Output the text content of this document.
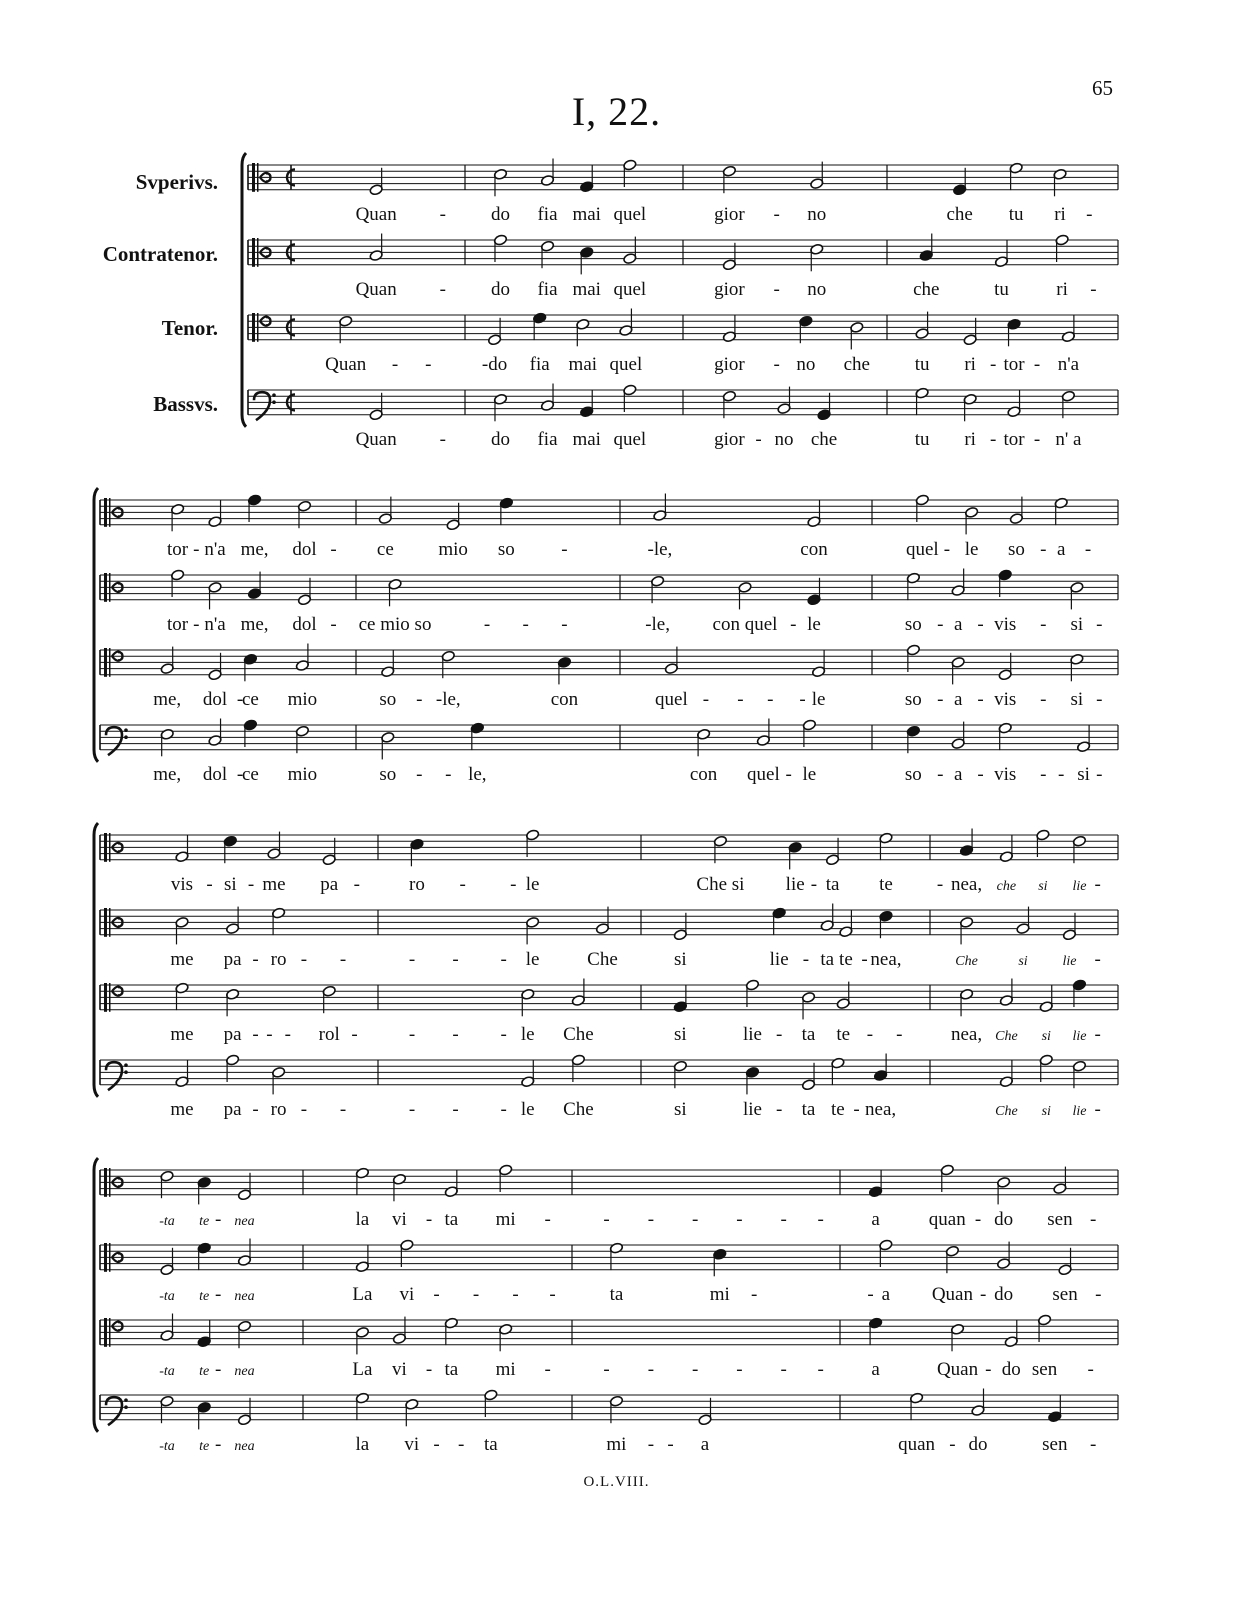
65
I, 22.
Svperivs.
Contratenor.
Tenor.
Bassvs.
Quan - do fia mai quel	gior - no	che tu ri -
Quan - do fia mai quel	gior - no	che	tu ri -
Quan - -	-do fia mai quel	gior - no che tu ri - tor - n'a
Quan - do fia mai quel	gior - no che	tu ri - tor - n' a
tor - n'a me, dol - ce mio so -	-le,	con	quel - le so - a -
tor - n'a me, dol - ce mio so	- - -	-le, con quel - le	so - a - vis - si -
me, dol -
ce mio	so - -le,	con	quel - - - - le	so - a - vis - si -
me, dol -
ce mio	so - - le,	con quel - le	so - a - vis - - si -
vis - si - me pa -	ro - - le	Che si lie - ta te - nea, che si lie -
me pa - ro - -	- - - le	Che	si	lie - ta te - nea,	Che	si lie -
me pa - - - rol -	- - - le Che	si	lie - ta te - -	nea, Che si lie -
me pa - ro - -	- - - le Che	si	lie - ta te - nea,	Che si lie -
-ta te - nea	la vi - ta mi -	- - - - - -	a	quan - do sen -
-ta te - nea	La vi - - - -	ta	mi -	- a Quan - do sen -
-ta te - nea	La vi - ta mi -	- - - - - -	a	Quan - do sen -
-ta te - nea	la vi - - ta	mi - - a	quan - do	sen -
O.L.VIII.
